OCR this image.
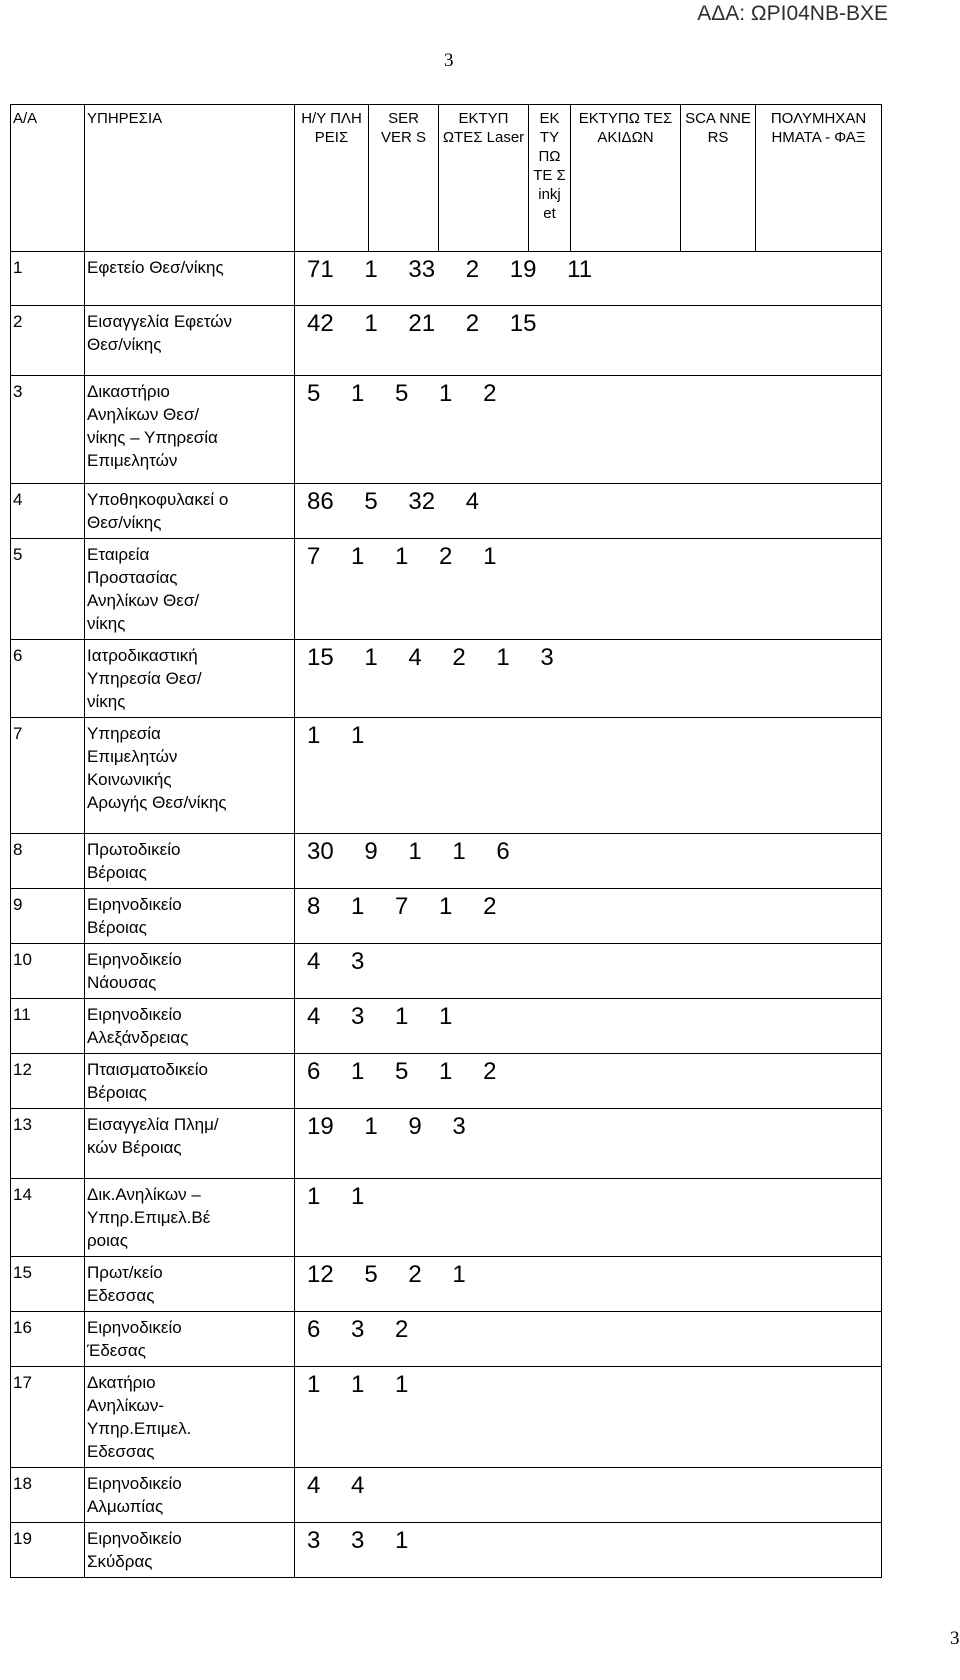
ΑΔΑ: ΩΡΙ04ΝΒ-ΒΧΕ
3
Α/Α	ΥΠΗΡΕΣΙΑ	Η/Υ ΠΛΗ ΡΕΙΣ	SER VER S	ΕΚΤΥΠ ΩΤΕΣ Laser	ΕΚ ΤΥ ΠΩ ΤΕ Σ inkj et	ΕΚΤΥΠΩ ΤΕΣ ΑΚΙΔΩΝ	SCA NNE RS	ΠΟΛΥΜΗΧΑΝ ΗΜΑΤΑ - ΦΑΞ
1	Εφετείο Θεσ/νίκης	71 1 33 2 19 11						

2	Εισαγγελία Εφετών Θεσ/νίκης	42 1 21 2 15						

3	Δικαστήριο Ανηλίκων Θεσ/νίκης – Υπηρεσία Επιμελητών	5 1 5 1 2						

4	Υποθηκοφυλακεί ο Θεσ/νίκης	86 5 32 4						

5	Εταιρεία Προστασίας Ανηλίκων Θεσ/νίκης	7 1 1 2 1						

6	Ιατροδικαστική Υπηρεσία Θεσ/νίκης	15 1 4 2 1 3						

7	Υπηρεσία Επιμελητών Κοινωνικής Αρωγής Θεσ/νίκης	1 1						

8	Πρωτοδικείο Βέροιας	30 9 1 1 6						

9	Ειρηνοδικείο Βέροιας	8 1 7 1 2						

10	Ειρηνοδικείο Νάουσας	4 3						

11	Ειρηνοδικείο Αλεξάνδρειας	4 3 1 1						

12	Πταισματοδικείο Βέροιας	6 1 5 1 2						

13	Εισαγγελία Πλημ/κών Βέροιας	19 1 9 3						

14	Δικ.Ανηλίκων – Υπηρ.Επιμελ.Βέ ροιας	1 1						

15	Πρωτ/κείο Εδεσσας	12 5 2 1						

16	Ειρηνοδικείο Έδεσας	6 3 2						

17	Δκατήριο Ανηλίκων- Υπηρ.Επιμελ. Εδεσσας	1 1 1						

18	Ειρηνοδικείο Αλμωπίας	4 4						

19	Ειρηνοδικείο Σκύδρας	3 3 1						
3
